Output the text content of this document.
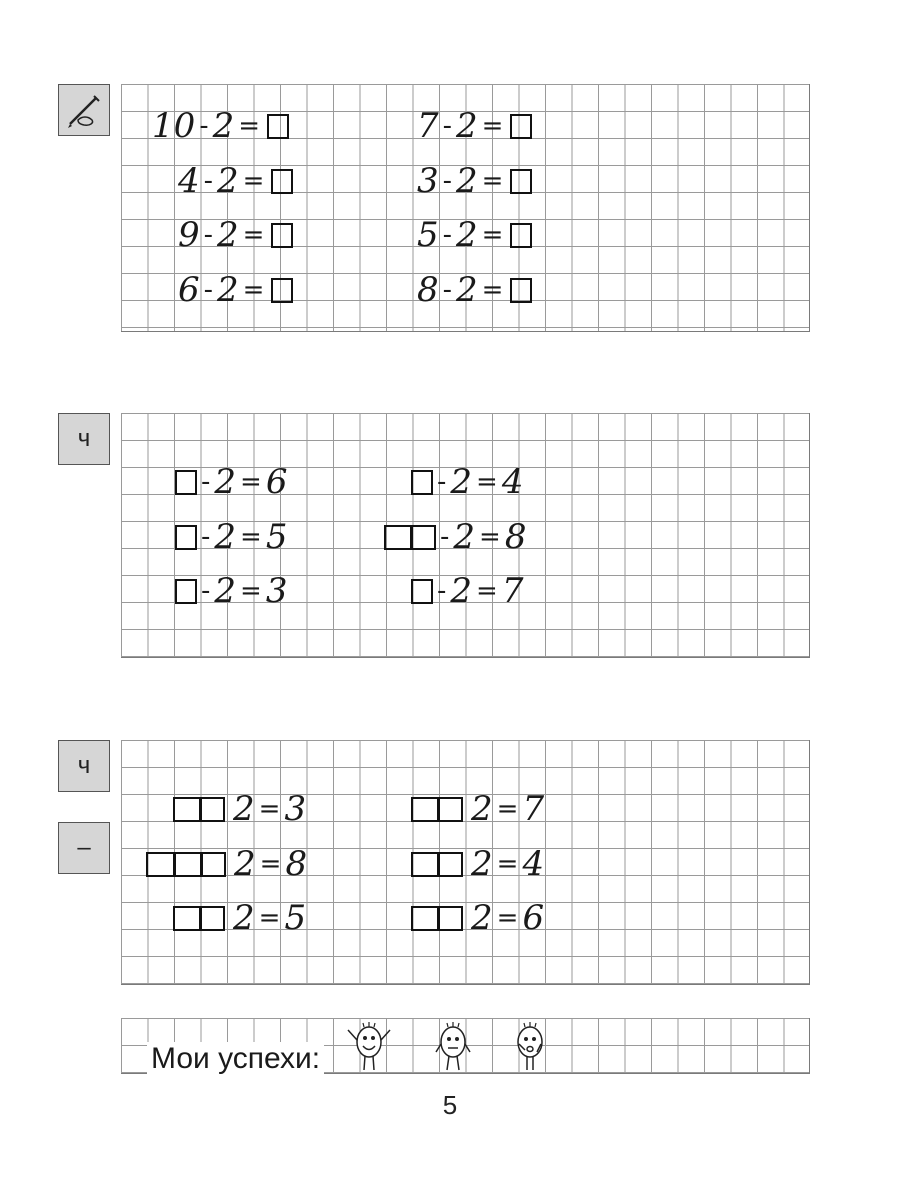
10 - 2 =
4 - 2 =
9 - 2 =
6 - 2 =
7 - 2 =
3 - 2 =
5 - 2 =
8 - 2 =
ч
- 2 = 6
- 2 = 5
- 2 = 3
- 2 = 4
- 2 = 8
- 2 = 7
ч
–
2 = 3
2 = 8
2 = 5
2 = 7
2 = 4
2 = 6
Мои успехи:
5
